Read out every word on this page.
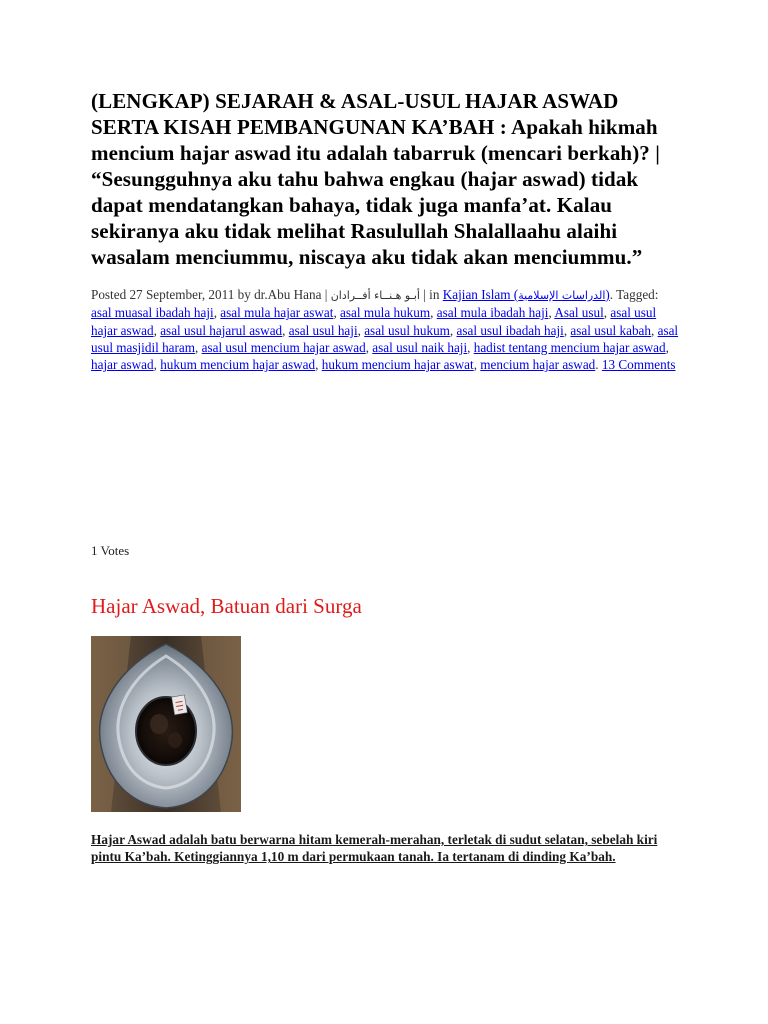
(LENGKAP) SEJARAH & ASAL-USUL HAJAR ASWAD SERTA KISAH PEMBANGUNAN KA’BAH : Apakah hikmah mencium hajar aswad itu adalah tabarruk (mencari berkah)? | “Sesungguhnya aku tahu bahwa engkau (hajar aswad) tidak dapat mendatangkan bahaya, tidak juga manfa’at. Kalau sekiranya aku tidak melihat Rasulullah Shalallaahu alaihi wasalam menciummu, niscaya aku tidak akan menciummu.”
Posted 27 September, 2011 by dr.Abu Hana | أبـو هـنــاء أفــرادان | in Kajian Islam (الدراسات الإسلامية). Tagged: asal muasal ibadah haji, asal mula hajar aswat, asal mula hukum, asal mula ibadah haji, Asal usul, asal usul hajar aswad, asal usul hajarul aswad, asal usul haji, asal usul hukum, asal usul ibadah haji, asal usul kabah, asal usul masjidil haram, asal usul mencium hajar aswad, asal usul naik haji, hadist tentang mencium hajar aswad, hajar aswad, hukum mencium hajar aswad, hukum mencium hajar aswat, mencium hajar aswad. 13 Comments
1 Votes
Hajar Aswad, Batuan dari Surga
Hajar Aswad adalah batu berwarna hitam kemerah-merahan, terletak di sudut selatan, sebelah kiri pintu Ka’bah. Ketinggiannya 1,10 m dari permukaan tanah. Ia tertanam di dinding Ka’bah.
